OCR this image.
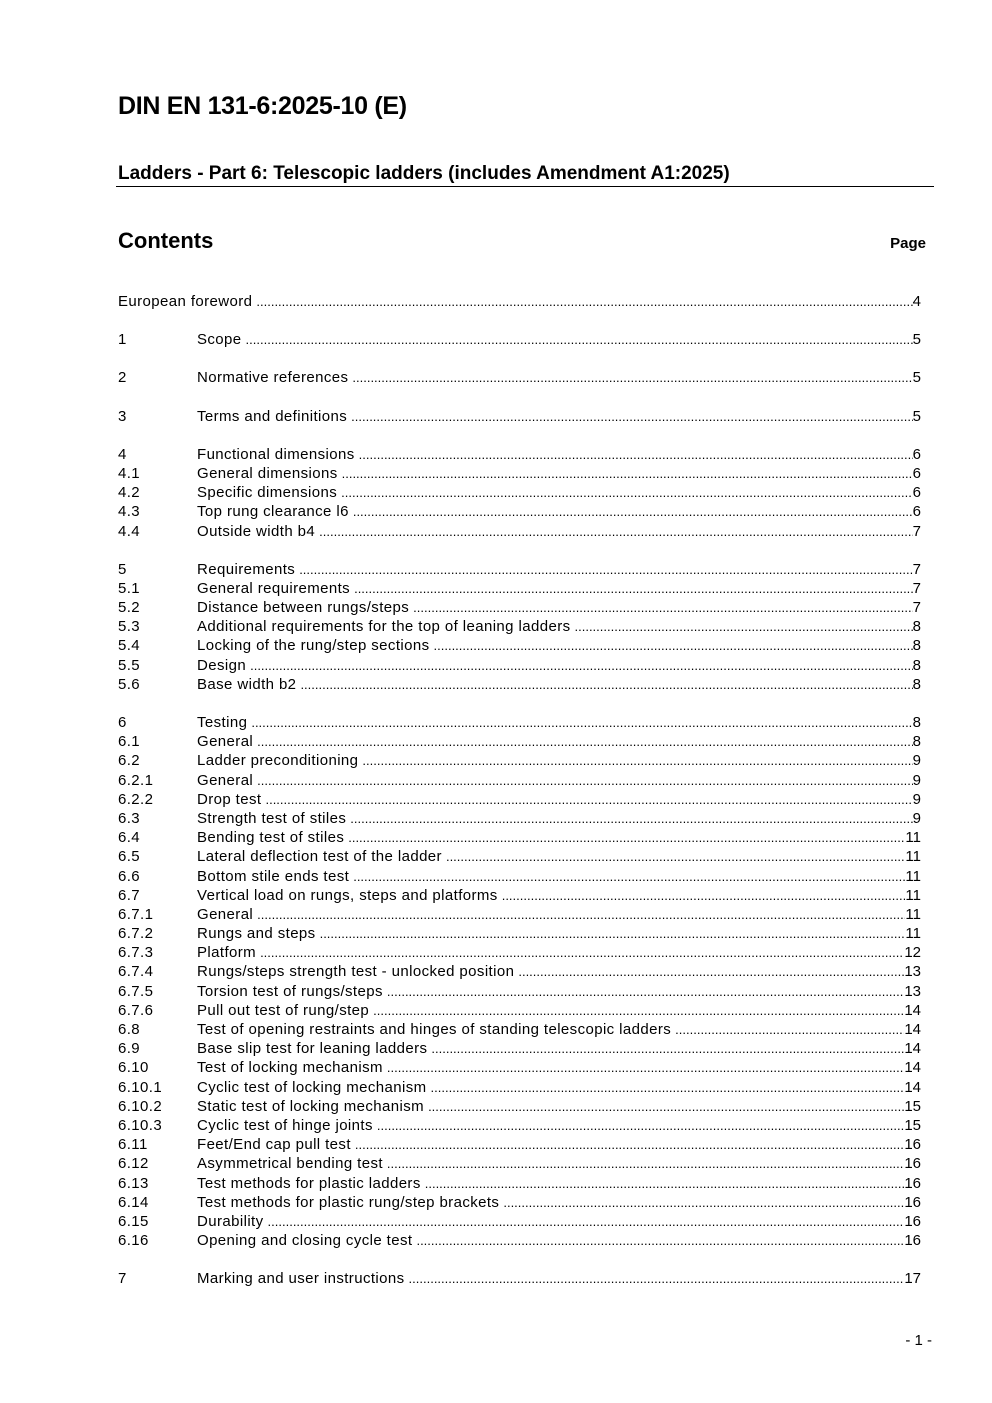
DIN EN 131-6:2025-10 (E)
Ladders - Part 6: Telescopic ladders (includes Amendment A1:2025)
Contents	Page
European foreword .....	4
1	Scope .....	5
2	Normative references .....	5
3	Terms and definitions .....	5
4	Functional dimensions .....	6
4.1	General dimensions .....	6
4.2	Specific dimensions .....	6
4.3	Top rung clearance l6 .....	6
4.4	Outside width b4 .....	7
5	Requirements .....	7
5.1	General requirements .....	7
5.2	Distance between rungs/steps .....	7
5.3	Additional requirements for the top of leaning ladders .....	8
5.4	Locking of the rung/step sections .....	8
5.5	Design .....	8
5.6	Base width b2 .....	8
6	Testing .....	8
6.1	General .....	8
6.2	Ladder preconditioning .....	9
6.2.1	General .....	9
6.2.2	Drop test .....	9
6.3	Strength test of stiles .....	9
6.4	Bending test of stiles .....	11
6.5	Lateral deflection test of the ladder .....	11
6.6	Bottom stile ends test .....	11
6.7	Vertical load on rungs, steps and platforms .....	11
6.7.1	General .....	11
6.7.2	Rungs and steps .....	11
6.7.3	Platform .....	12
6.7.4	Rungs/steps strength test - unlocked position .....	13
6.7.5	Torsion test of rungs/steps .....	13
6.7.6	Pull out test of rung/step .....	14
6.8	Test of opening restraints and hinges of standing telescopic ladders .....	14
6.9	Base slip test for leaning ladders .....	14
6.10	Test of locking mechanism .....	14
6.10.1	Cyclic test of locking mechanism .....	14
6.10.2	Static test of locking mechanism .....	15
6.10.3	Cyclic test of hinge joints .....	15
6.11	Feet/End cap pull test .....	16
6.12	Asymmetrical bending test .....	16
6.13	Test methods for plastic ladders .....	16
6.14	Test methods for plastic rung/step brackets .....	16
6.15	Durability .....	16
6.16	Opening and closing cycle test .....	16
7	Marking and user instructions .....	17
- 1 -
